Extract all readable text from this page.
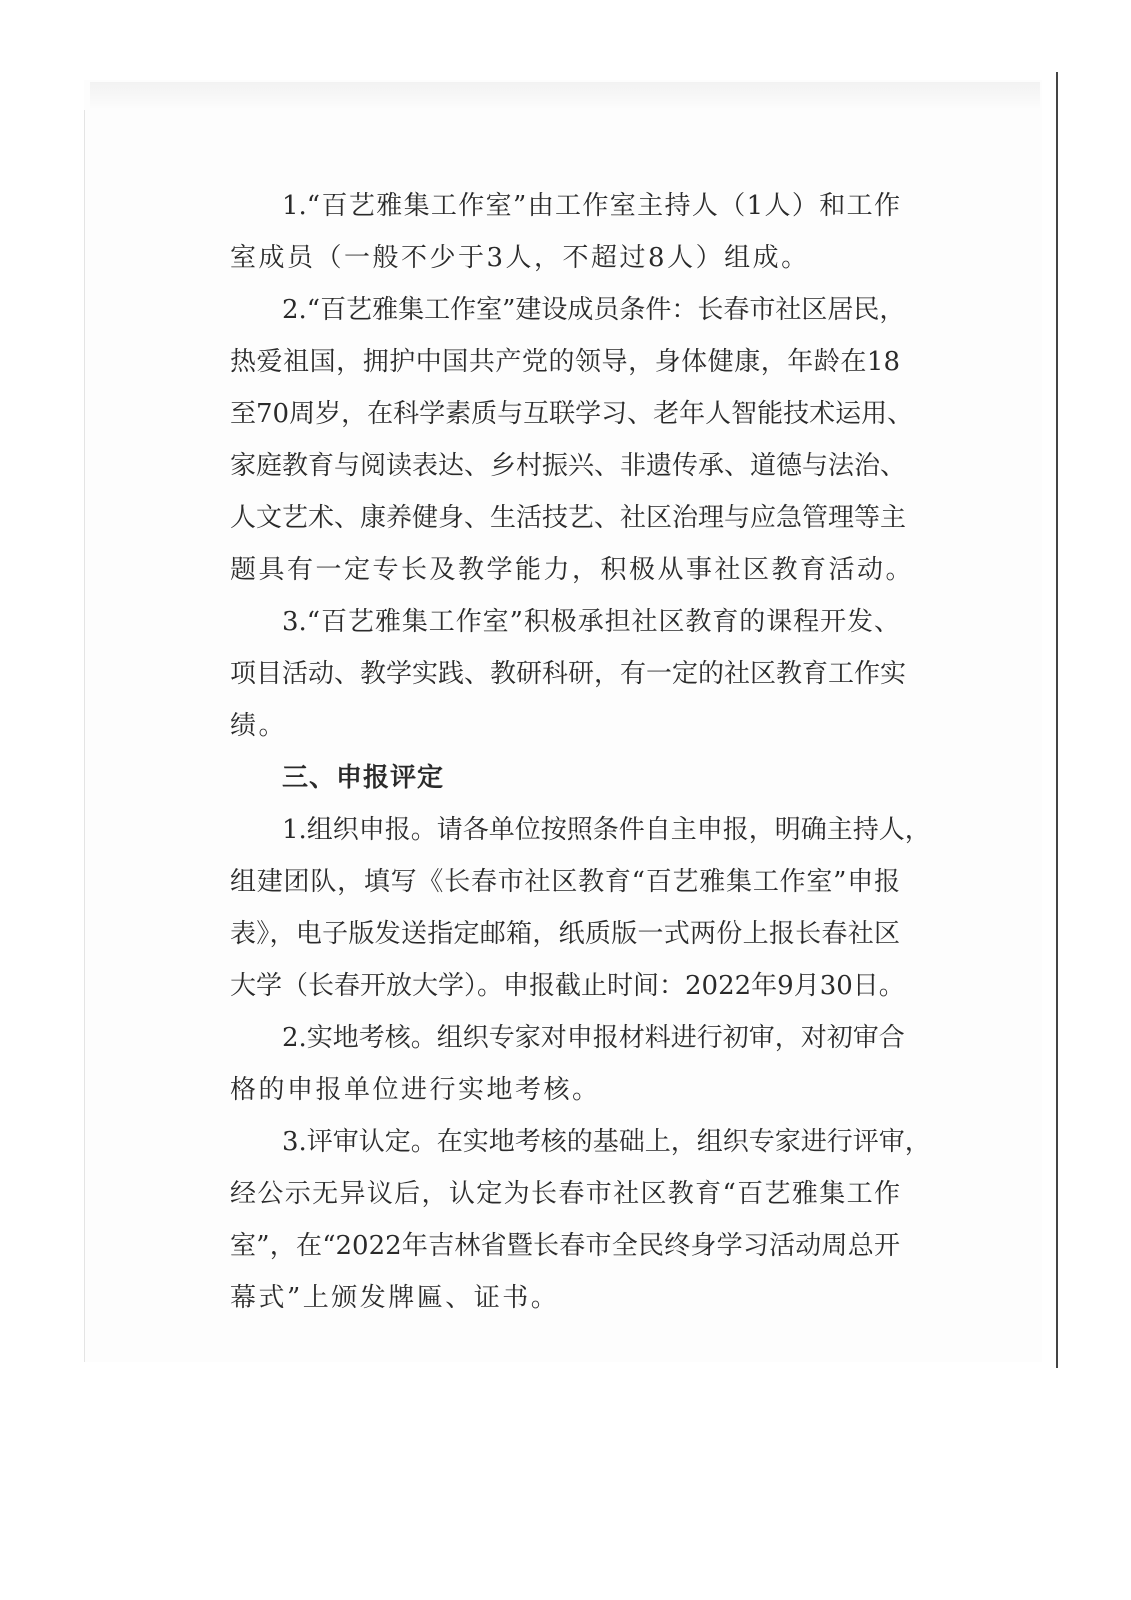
1.“百艺雅集工作室”由工作室主持人（1人）和工作
室成员（一般不少于3人，不超过8人）组成。
2.“百艺雅集工作室”建设成员条件：长春市社区居民，
热爱祖国，拥护中国共产党的领导，身体健康，年龄在18
至70周岁，在科学素质与互联学习、老年人智能技术运用、
家庭教育与阅读表达、乡村振兴、非遗传承、道德与法治、
人文艺术、康养健身、生活技艺、社区治理与应急管理等主
题具有一定专长及教学能力，积极从事社区教育活动。
3.“百艺雅集工作室”积极承担社区教育的课程开发、
项目活动、教学实践、教研科研，有一定的社区教育工作实
绩。
三、申报评定
1.组织申报。请各单位按照条件自主申报，明确主持人，
组建团队，填写《长春市社区教育“百艺雅集工作室”申报
表》，电子版发送指定邮箱，纸质版一式两份上报长春社区
大学（长春开放大学）。申报截止时间：2022年9月30日。
2.实地考核。组织专家对申报材料进行初审，对初审合
格的申报单位进行实地考核。
3.评审认定。在实地考核的基础上，组织专家进行评审，
经公示无异议后，认定为长春市社区教育“百艺雅集工作
室”，在“2022年吉林省暨长春市全民终身学习活动周总开
幕式”上颁发牌匾、证书。
